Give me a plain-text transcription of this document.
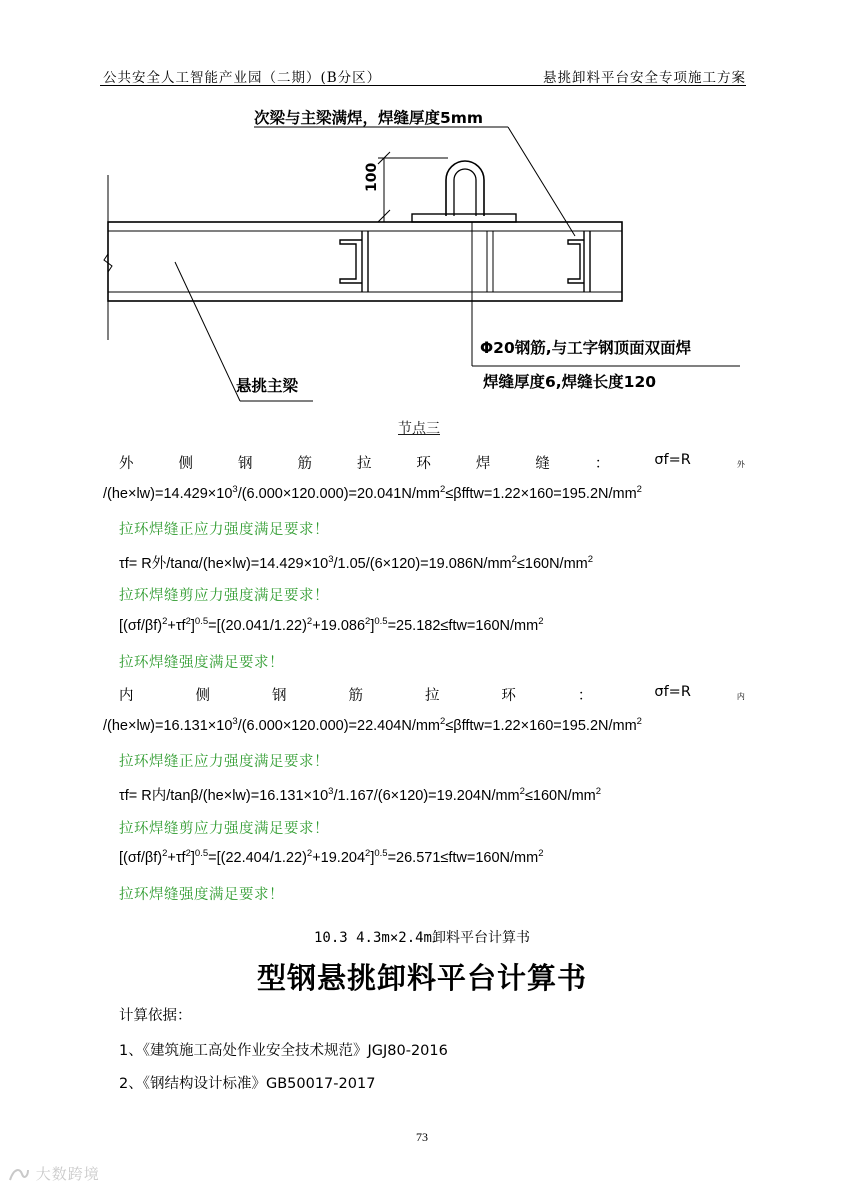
公共安全人工智能产业园（二期）(B分区）	悬挑卸料平台安全专项施工方案
次梁与主梁满焊，焊缝厚度5mm
100
Φ20钢筋,与工字钢顶面双面焊
焊缝厚度6,焊缝长度120
悬挑主梁
节点三
外	侧	钢	筋	拉	环	焊	缝	：	σf=R	$_外$
$/(he\times lw)=14.429\times 10^3/(6.000\times 120.000)=20.041N/mm^2\le\beta fftw=1.22\times 160=195.2N/mm^2$
拉环焊缝正应力强度满足要求！
τf= R外$/\tan\alpha/(he\times lw)=14.429\times 10^3/1.05/(6\times 120)=19.086N/mm^2\le 160N/mm^2$
拉环焊缝剪应力强度满足要求！
$[(\sigma f/\beta f)^2+\tau f^2]^{0.5}=[(20.041/1.22)^2+19.086^2]^{0.5}=25.182\le ftw=160N/mm^2$
拉环焊缝强度满足要求！
内	侧	钢	筋	拉	环	：	σf=R	$_内$
$/(he\times lw)=16.131\times 10^3/(6.000\times 120.000)=22.404N/mm^2\le\beta fftw=1.22\times 160=195.2N/mm^2$
拉环焊缝正应力强度满足要求！
τf= R内$/\tan\beta/(he\times lw)=16.131\times 10^3/1.167/(6\times 120)=19.204N/mm^2\le 160N/mm^2$
拉环焊缝剪应力强度满足要求！
$[(\sigma f/\beta f)^2+\tau f^2]^{0.5}=[(22.404/1.22)^2+19.204^2]^{0.5}=26.571\le ftw=160N/mm^2$
拉环焊缝强度满足要求！
10.3 4.3m×2.4m卸料平台计算书
型钢悬挑卸料平台计算书
计算依据：
1、《建筑施工高处作业安全技术规范》JGJ80-2016
2、《钢结构设计标准》GB50017-2017
73
大数跨境
